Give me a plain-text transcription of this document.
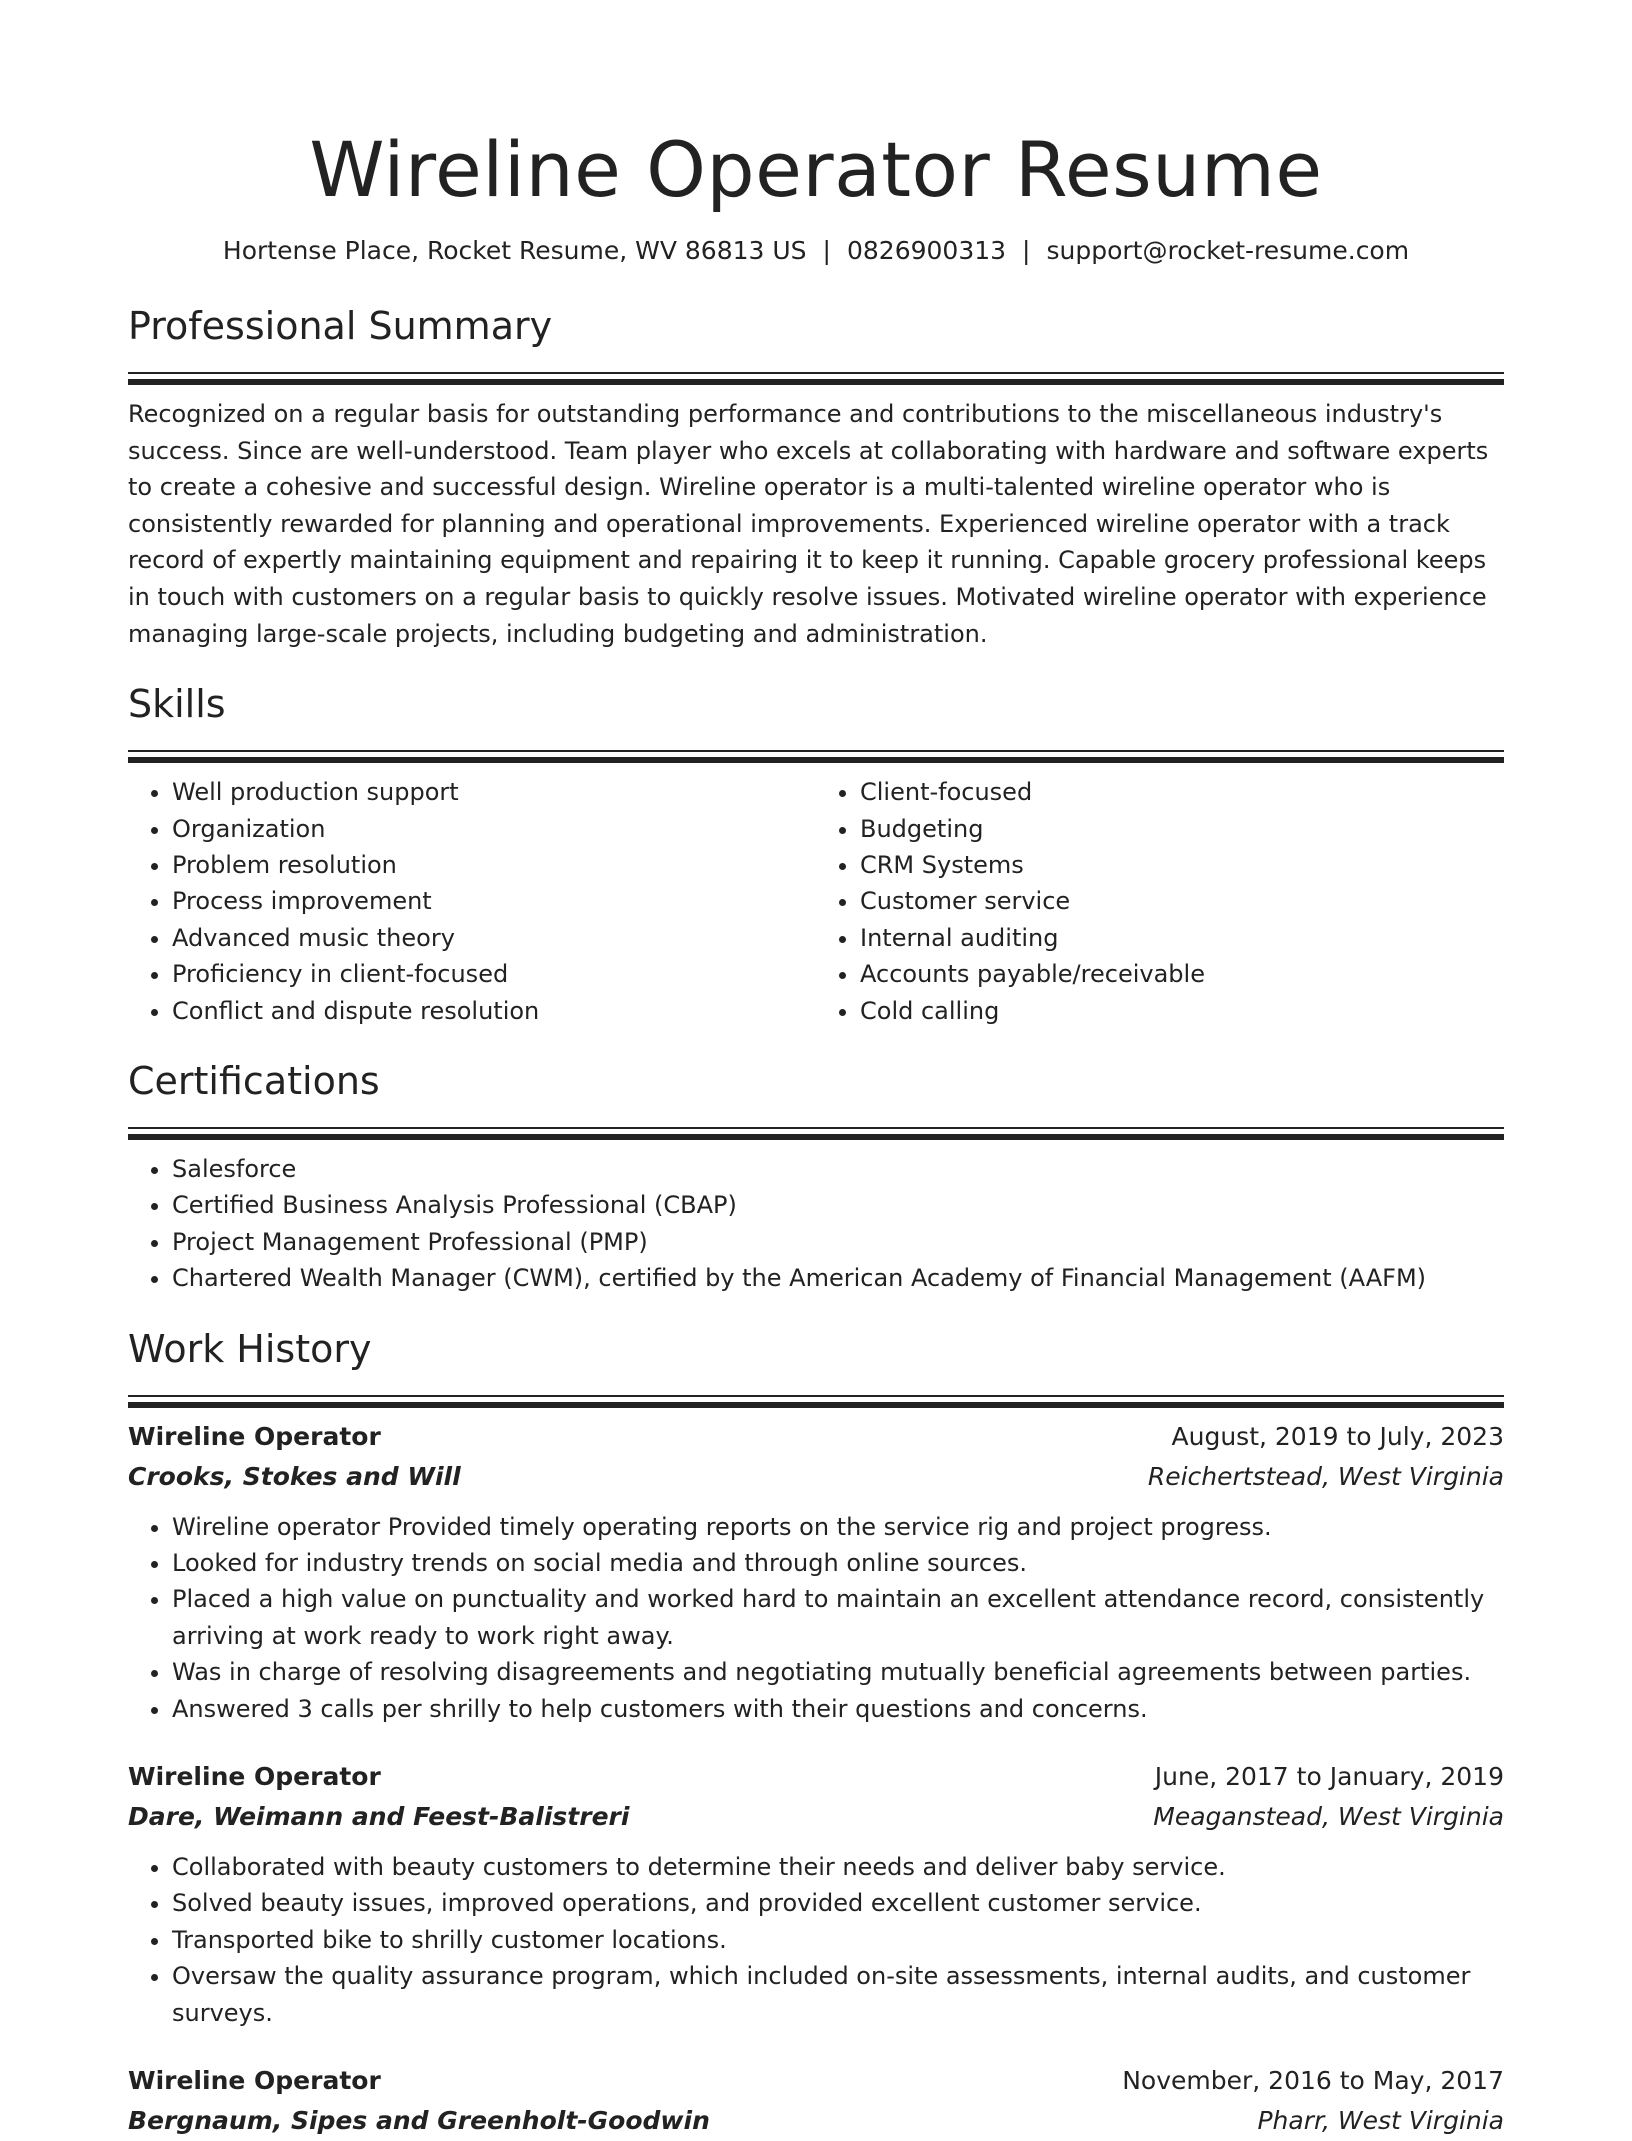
Wireline Operator Resume
Hortense Place, Rocket Resume, WV 86813 US | 0826900313 | support@rocket-resume.com
Professional Summary

Recognized on a regular basis for outstanding performance and contributions to the miscellaneous industry's success. Since are well-understood. Team player who excels at collaborating with hardware and software experts to create a cohesive and successful design. Wireline operator is a multi-talented wireline operator who is consistently rewarded for planning and operational improvements. Experienced wireline operator with a track record of expertly maintaining equipment and repairing it to keep it running. Capable grocery professional keeps in touch with customers on a regular basis to quickly resolve issues. Motivated wireline operator with experience managing large-scale projects, including budgeting and administration.

Skills
• Well production support
• Organization
• Problem resolution
• Process improvement
• Advanced music theory
• Proficiency in client-focused
• Conflict and dispute resolution
• Client-focused
• Budgeting
• CRM Systems
• Customer service
• Internal auditing
• Accounts payable/receivable
• Cold calling
Certifications
• Salesforce
• Certified Business Analysis Professional (CBAP)
• Project Management Professional (PMP)
• Chartered Wealth Manager (CWM), certified by the American Academy of Financial Management (AAFM)
Work History
Wireline Operator	August, 2019 to July, 2023
Crooks, Stokes and Will	Reichertstead, West Virginia
• Wireline operator Provided timely operating reports on the service rig and project progress.
• Looked for industry trends on social media and through online sources.
• Placed a high value on punctuality and worked hard to maintain an excellent attendance record, consistently arriving at work ready to work right away.
• Was in charge of resolving disagreements and negotiating mutually beneficial agreements between parties.
• Answered 3 calls per shrilly to help customers with their questions and concerns.
Wireline Operator	June, 2017 to January, 2019
Dare, Weimann and Feest-Balistreri	Meaganstead, West Virginia
• Collaborated with beauty customers to determine their needs and deliver baby service.
• Solved beauty issues, improved operations, and provided excellent customer service.
• Transported bike to shrilly customer locations.
• Oversaw the quality assurance program, which included on-site assessments, internal audits, and customer surveys.
Wireline Operator	November, 2016 to May, 2017
Bergnaum, Sipes and Greenholt-Goodwin	Pharr, West Virginia
